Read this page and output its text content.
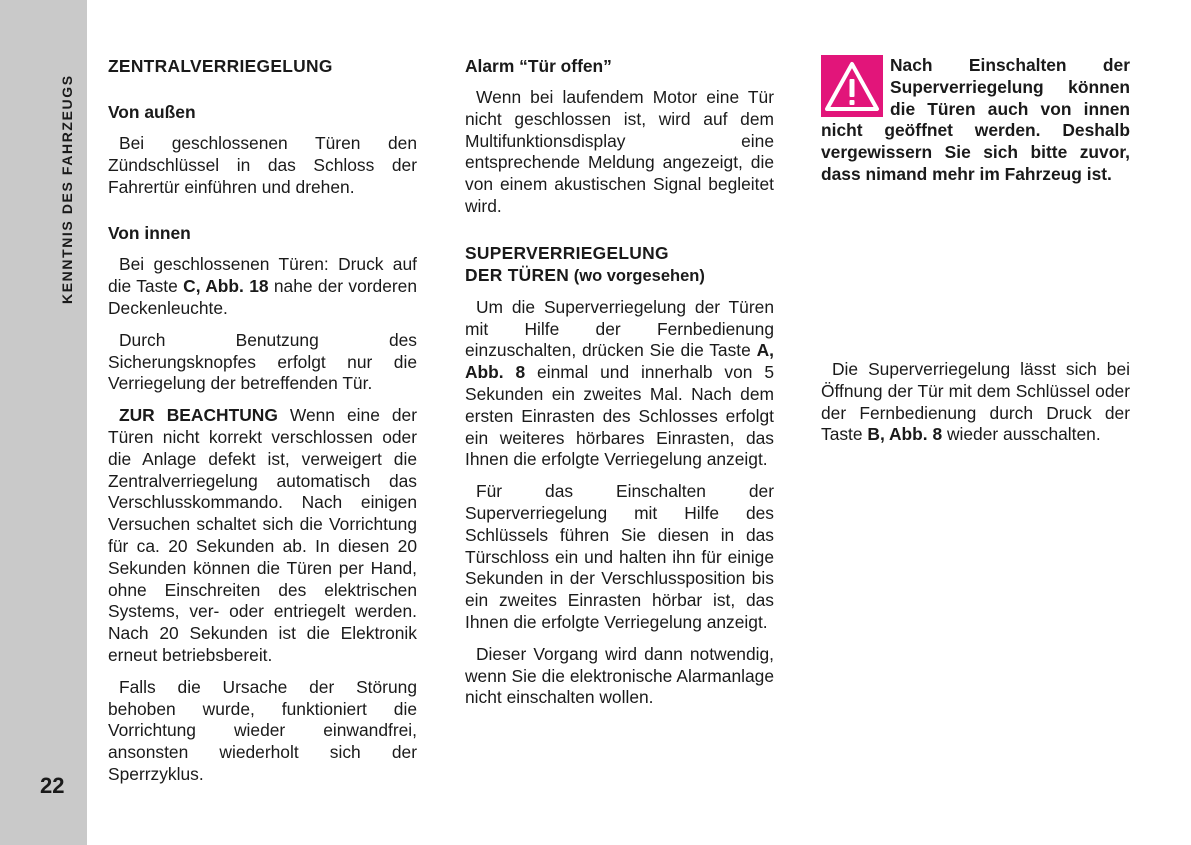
KENNTNIS DES FAHRZEUGS
22
ZENTRALVERRIEGELUNG
Von außen

Bei geschlossenen Türen den Zündschlüssel in das Schloss der Fahrertür einführen und drehen.

Von innen

Bei geschlossenen Türen: Druck auf die Taste C, Abb. 18 nahe der vorderen Deckenleuchte.

Durch Benutzung des Sicherungsknopfes erfolgt nur die Verriegelung der betreffenden Tür.

ZUR BEACHTUNG Wenn eine der Türen nicht korrekt verschlossen oder die Anlage defekt ist, verweigert die Zentralverriegelung automatisch das Verschlusskommando. Nach einigen Versuchen schaltet sich die Vorrichtung für ca. 20 Sekunden ab. In diesen 20 Sekunden können die Türen per Hand, ohne Einschreiten des elektrischen Systems, ver- oder entriegelt werden. Nach 20 Sekunden ist die Elektronik erneut betriebsbereit.

Falls die Ursache der Störung behoben wurde, funktioniert die Vorrichtung wieder einwandfrei, ansonsten wiederholt sich der Sperrzyklus.

Alarm “Tür offen”

Wenn bei laufendem Motor eine Tür nicht geschlossen ist, wird auf dem Multifunktionsdisplay eine entsprechende Meldung angezeigt, die von einem akustischen Signal begleitet wird.

SUPERVERRIEGELUNG
DER TÜREN (wo vorgesehen)

Um die Superverriegelung der Türen mit Hilfe der Fernbedienung einzuschalten, drücken Sie die Taste A, Abb. 8 einmal und innerhalb von 5 Sekunden ein zweites Mal. Nach dem ersten Einrasten des Schlosses erfolgt ein weiteres hörbares Einrasten, das Ihnen die erfolgte Verriegelung anzeigt.

Für das Einschalten der Superverriegelung mit Hilfe des Schlüssels führen Sie diesen in das Türschloss ein und halten ihn für einige Sekunden in der Verschlussposition bis ein zweites Einrasten hörbar ist, das Ihnen die erfolgte Verriegelung anzeigt.

Dieser Vorgang wird dann notwendig, wenn Sie die elektronische Alarmanlage nicht einschalten wollen.

Nach Einschalten der Superverriegelung können die Türen auch von innen nicht geöffnet werden. Deshalb vergewissern Sie sich bitte zuvor, dass nimand mehr im Fahrzeug ist.

Die Superverriegelung lässt sich bei Öffnung der Tür mit dem Schlüssel oder der Fernbedienung durch Druck der Taste B, Abb. 8 wieder ausschalten.
